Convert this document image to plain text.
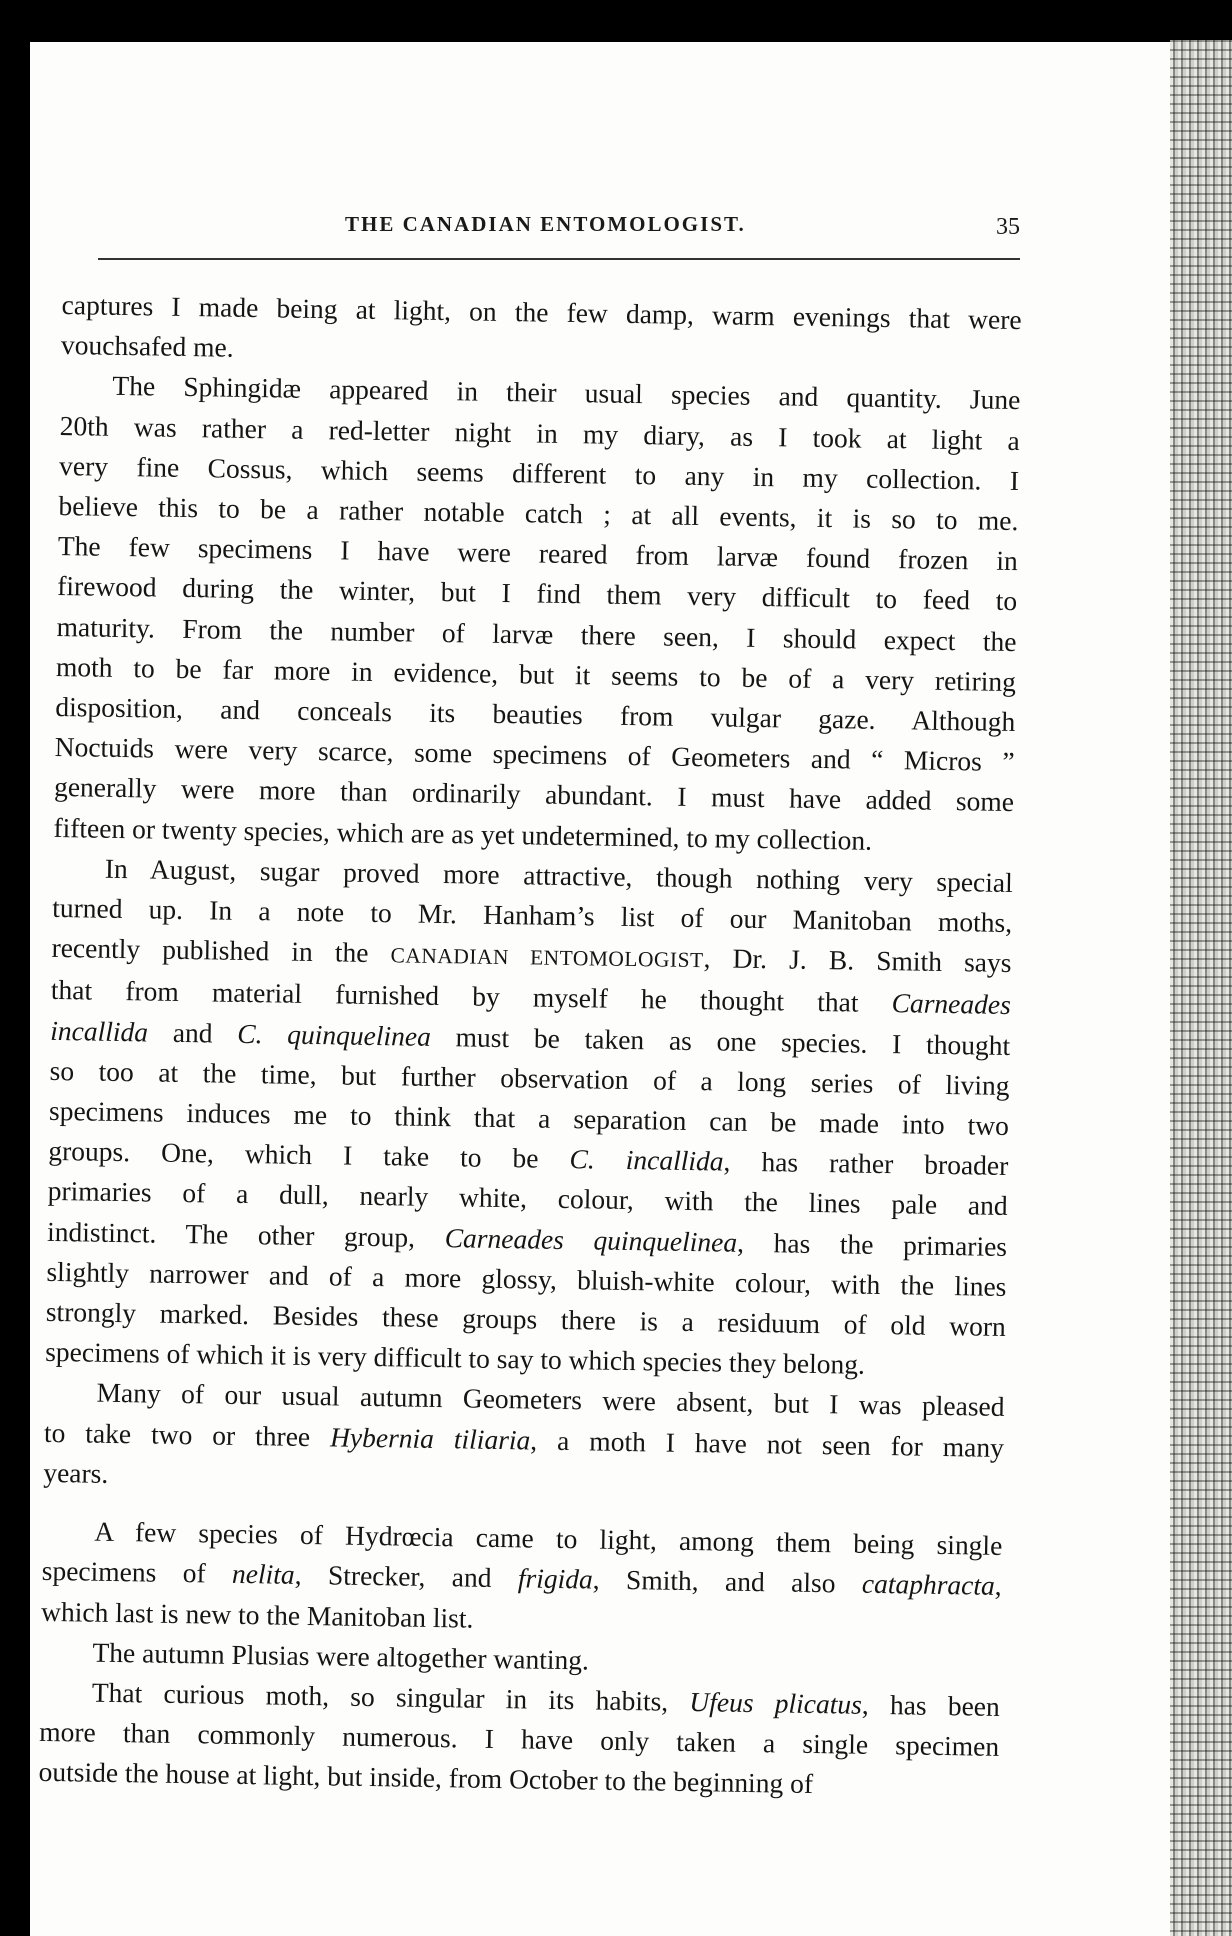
THE CANADIAN ENTOMOLOGIST.	35
captures I made being at light, on the few damp, warm evenings that were
vouchsafed me.
The Sphingidæ appeared in their usual species and quantity. June
20th was rather a red-letter night in my diary, as I took at light a
very fine Cossus, which seems different to any in my collection. I
believe this to be a rather notable catch ; at all events, it is so to me.
The few specimens I have were reared from larvæ found frozen in
firewood during the winter, but I find them very difficult to feed to
maturity. From the number of larvæ there seen, I should expect the
moth to be far more in evidence, but it seems to be of a very retiring
disposition, and conceals its beauties from vulgar gaze. Although
Noctuids were very scarce, some specimens of Geometers and “ Micros ”
generally were more than ordinarily abundant. I must have added some
fifteen or twenty species, which are as yet undetermined, to my collection.
In August, sugar proved more attractive, though nothing very special
turned up. In a note to Mr. Hanham’s list of our Manitoban moths,
recently published in the CANADIAN ENTOMOLOGIST, Dr. J. B. Smith says
that from material furnished by myself he thought that Carneades
incallida and C. quinquelinea must be taken as one species. I thought
so too at the time, but further observation of a long series of living
specimens induces me to think that a separation can be made into two
groups. One, which I take to be C. incallida, has rather broader
primaries of a dull, nearly white, colour, with the lines pale and
indistinct. The other group, Carneades quinquelinea, has the primaries
slightly narrower and of a more glossy, bluish-white colour, with the lines
strongly marked. Besides these groups there is a residuum of old worn
specimens of which it is very difficult to say to which species they belong.
Many of our usual autumn Geometers were absent, but I was pleased
to take two or three Hybernia tiliaria, a moth I have not seen for many
years.
A few species of Hydrœcia came to light, among them being single
specimens of nelita, Strecker, and frigida, Smith, and also cataphracta,
which last is new to the Manitoban list.
The autumn Plusias were altogether wanting.
That curious moth, so singular in its habits, Ufeus plicatus, has been
more than commonly numerous. I have only taken a single specimen
outside the house at light, but inside, from October to the beginning of
